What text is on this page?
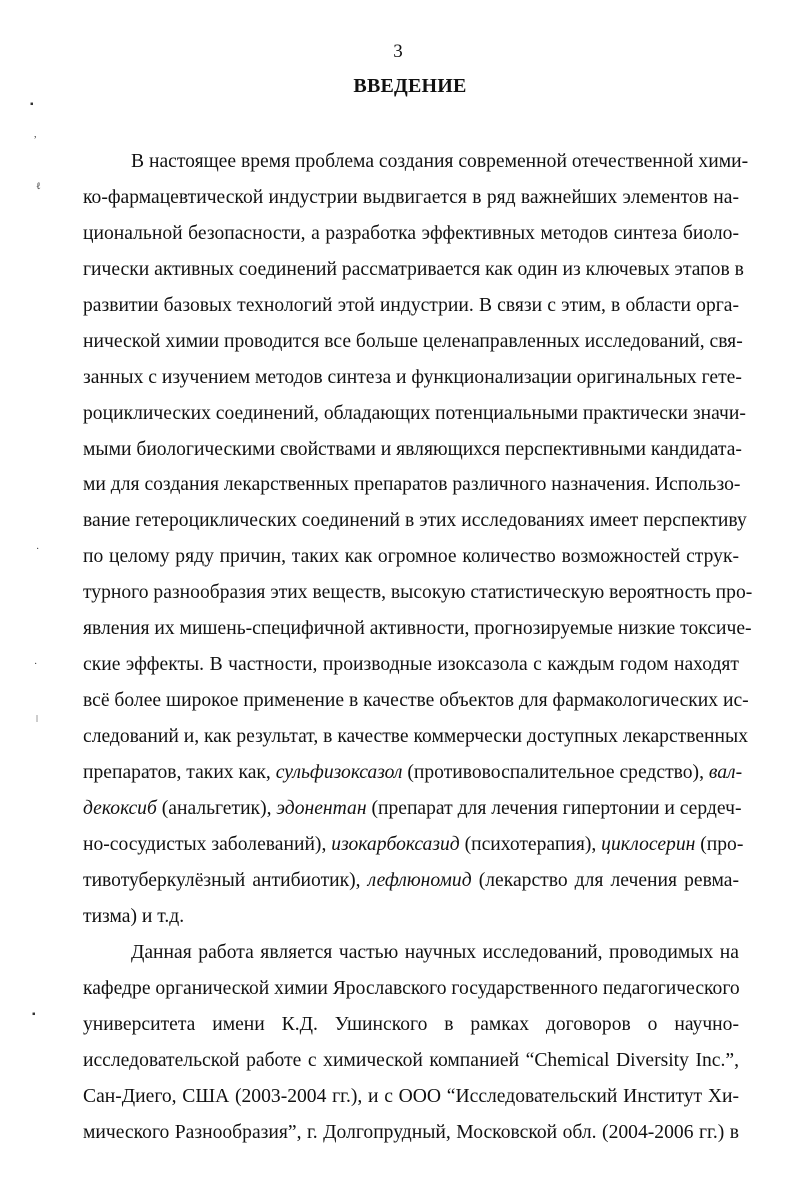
3
ВВЕДЕНИЕ
▪
,
ℓ
·
·
ǀ
▪
В настоящее время проблема создания современной отечественной хими-
ко-фармацевтической индустрии выдвигается в ряд важнейших элементов на-
циональной безопасности, а разработка эффективных методов синтеза биоло-
гически активных соединений рассматривается как один из ключевых этапов в
развитии базовых технологий этой индустрии. В связи с этим, в области орга-
нической химии проводится все больше целенаправленных исследований, свя-
занных с изучением методов синтеза и функционализации оригинальных гете-
роциклических соединений, обладающих потенциальными практически значи-
мыми биологическими свойствами и являющихся перспективными кандидата-
ми для создания лекарственных препаратов различного назначения. Использо-
вание гетероциклических соединений в этих исследованиях имеет перспективу
по целому ряду причин, таких как огромное количество возможностей струк-
турного разнообразия этих веществ, высокую статистическую вероятность про-
явления их мишень-специфичной активности, прогнозируемые низкие токсиче-
ские эффекты. В частности, производные изоксазола с каждым годом находят
всё более широкое применение в качестве объектов для фармакологических ис-
следований и, как результат, в качестве коммерчески доступных лекарственных
препаратов, таких как, сульфизоксазол (противовоспалительное средство), вал-
декоксиб (анальгетик), эдонентан (препарат для лечения гипертонии и сердеч-
но-сосудистых заболеваний), изокарбоксазид (психотерапия), циклосерин (про-
тивотуберкулёзный антибиотик), лефлюномид (лекарство для лечения ревма-
тизма) и т.д.
Данная работа является частью научных исследований, проводимых на
кафедре органической химии Ярославского государственного педагогического
университета имени К.Д. Ушинского в рамках договоров о научно-
исследовательской работе с химической компанией “Chemical Diversity Inc.”,
Сан-Диего, США (2003-2004 гг.), и с ООО “Исследовательский Институт Хи-
мического Разнообразия”, г. Долгопрудный, Московской обл. (2004-2006 гг.) в
